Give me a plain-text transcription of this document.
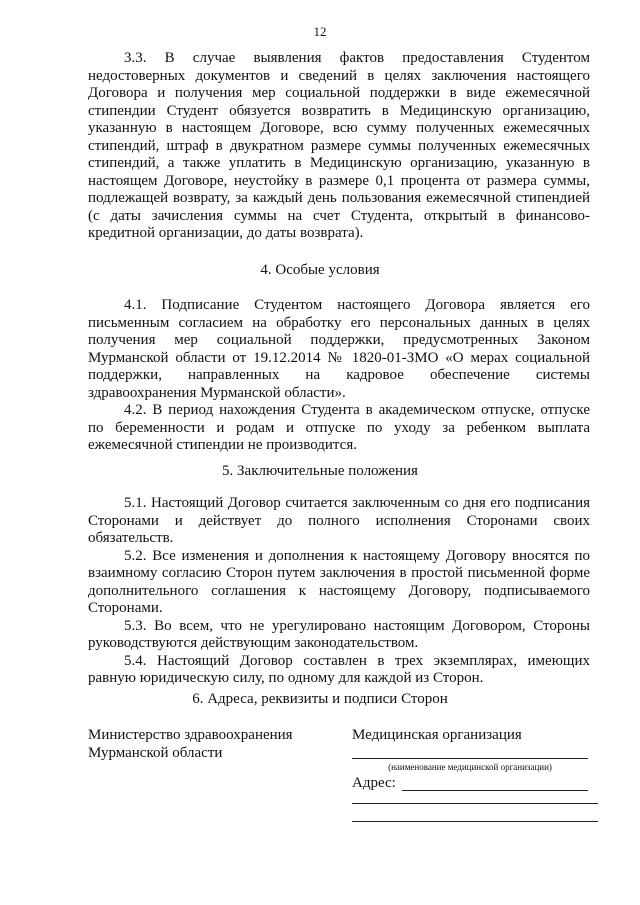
12

3.3. В случае выявления фактов предоставления Студентом

недостоверных документов и сведений в целях заключения настоящего

Договора и получения мер социальной поддержки в виде ежемесячной

стипендии Студент обязуется возвратить в Медицинскую организацию,

указанную в настоящем Договоре, всю сумму полученных ежемесячных

стипендий, штраф в двукратном размере суммы полученных ежемесячных

стипендий, а также уплатить в Медицинскую организацию, указанную в

настоящем Договоре, неустойку в размере 0,1 процента от размера суммы,

подлежащей возврату, за каждый день пользования ежемесячной стипендией

(с даты зачисления суммы на счет Студента, открытый в финансово-

кредитной организации, до даты возврата).

4. Особые условия

4.1. Подписание Студентом настоящего Договора является его

письменным согласием на обработку его персональных данных в целях

получения мер социальной поддержки, предусмотренных Законом

Мурманской области от 19.12.2014 № 1820-01-ЗМО «О мерах социальной

поддержки, направленных на кадровое обеспечение системы

здравоохранения Мурманской области».

4.2. В период нахождения Студента в академическом отпуске, отпуске

по беременности и родам и отпуске по уходу за ребенком выплата

ежемесячной стипендии не производится.

5. Заключительные положения

5.1. Настоящий Договор считается заключенным со дня его подписания

Сторонами и действует до полного исполнения Сторонами своих

обязательств.

5.2. Все изменения и дополнения к настоящему Договору вносятся по

взаимному согласию Сторон путем заключения в простой письменной форме

дополнительного соглашения к настоящему Договору, подписываемого

Сторонами.

5.3. Во всем, что не урегулировано настоящим Договором, Стороны

руководствуются действующим законодательством.

5.4. Настоящий Договор составлен в трех экземплярах, имеющих

равную юридическую силу, по одному для каждой из Сторон.

6. Адреса, реквизиты и подписи Сторон
Министерство здравоохранения
Мурманской области
Медицинская организация
(наименование медицинской организации)
Адрес:
